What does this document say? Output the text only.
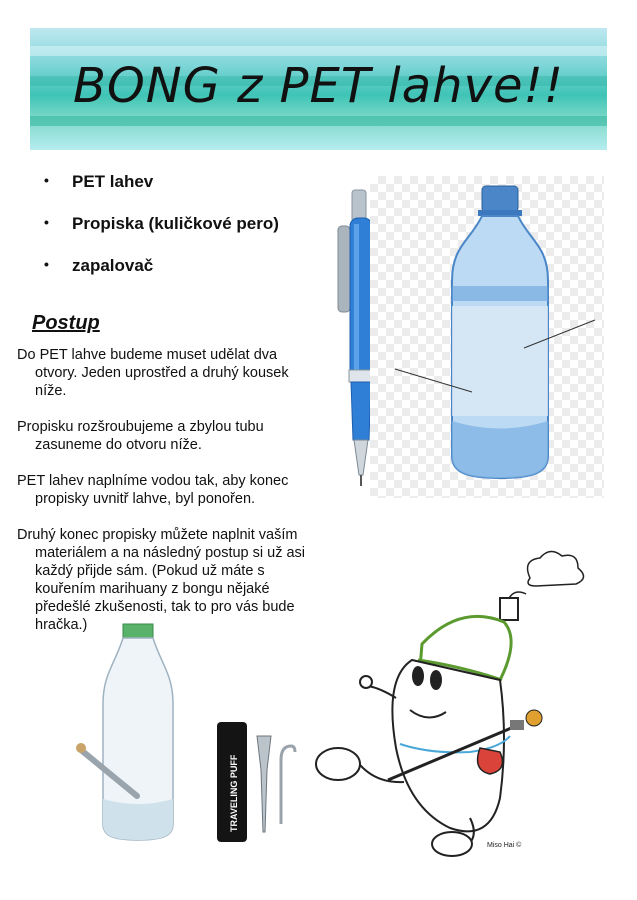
BONG z PET lahve!!
•	PET lahev
•	Propiska (kuličkové pero)
•	zapalovač
Postup

Do PET lahve budeme muset udělat dva otvory. Jeden uprostřed a druhý kousek níže.

Propisku rozšroubujeme a zbylou tubu zasuneme do otvoru níže.

PET lahev naplníme vodou tak, aby konec propisky uvnitř lahve, byl ponořen.

Druhý konec propisky můžete naplnit vaším materiálem a na následný postup si už asi každý přijde sám. (Pokud už máte s kouřením marihuany z bongu nějaké předešlé zkušenosti, tak to pro vás bude hračka.)

TRAVELING PUFF
Miso Hai ©
